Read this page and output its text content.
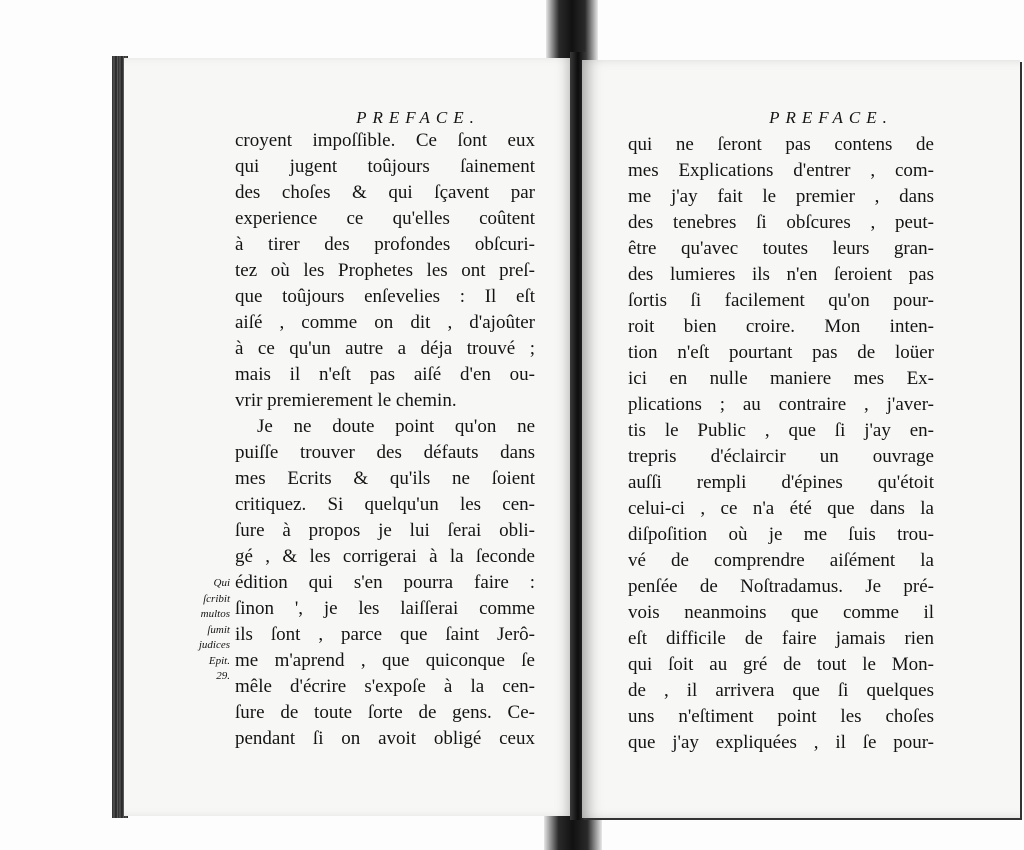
PREFACE.
croyent impoſſible. Ce ſont eux
qui jugent toûjours ſainement
des choſes & qui ſçavent par
experience ce qu'elles coûtent
à tirer des profondes obſcuri-
tez où les Prophetes les ont preſ-
que toûjours enſevelies : Il eſt
aiſé , comme on dit , d'ajoûter
à ce qu'un autre a déja trouvé ;
mais il n'eſt pas aiſé d'en ou-
vrir premierement le chemin.
Je ne doute point qu'on ne
puiſſe trouver des défauts dans
mes Ecrits & qu'ils ne ſoient
critiquez. Si quelqu'un les cen-
ſure à propos je lui ſerai obli-
gé , & les corrigerai à la ſeconde
édition qui s'en pourra faire :
ſinon ', je les laiſſerai comme
ils ſont , parce que ſaint Jerô-
me m'aprend , que quiconque ſe
mêle d'écrire s'expoſe à la cen-
ſure de toute ſorte de gens. Ce-
pendant ſi on avoit obligé ceux
Qui
ſcribit
multos
ſumit
judices
Epit.
29.
PREFACE.
qui ne ſeront pas contens de
mes Explications d'entrer , com-
me j'ay fait le premier , dans
des tenebres ſi obſcures , peut-
être qu'avec toutes leurs gran-
des lumieres ils n'en ſeroient pas
ſortis ſi facilement qu'on pour-
roit bien croire. Mon inten-
tion n'eſt pourtant pas de loüer
ici en nulle maniere mes Ex-
plications ; au contraire , j'aver-
tis le Public , que ſi j'ay en-
trepris d'éclaircir un ouvrage
auſſi rempli d'épines qu'étoit
celui-ci , ce n'a été que dans la
diſpoſition où je me ſuis trou-
vé de comprendre aiſément la
penſée de Noſtradamus. Je pré-
vois neanmoins que comme il
eſt difficile de faire jamais rien
qui ſoit au gré de tout le Mon-
de , il arrivera que ſi quelques
uns n'eſtiment point les choſes
que j'ay expliquées , il ſe pour-
